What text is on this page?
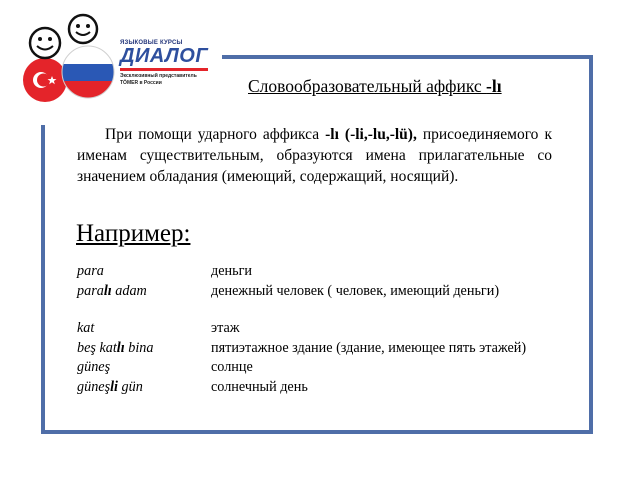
ЯЗЫКОВЫЕ КУРСЫ
ДИАЛОГ
Эксклюзивный представитель
TÖMER в России	Словообразовательный аффикс -lı
При помощи ударного аффикса -lı (-li,-lu,-lü), присоединяемого к именам существительным, образуются имена прилагательные со значением обладания (имеющий, содержащий, носящий).
Например:
para	деньги
paralı adam	денежный человек ( человек, имеющий деньги)
kat	этаж
beş katlı bina	пятиэтажное здание (здание, имеющее пять этажей)
güneş	солнце
güneşli gün	солнечный день
